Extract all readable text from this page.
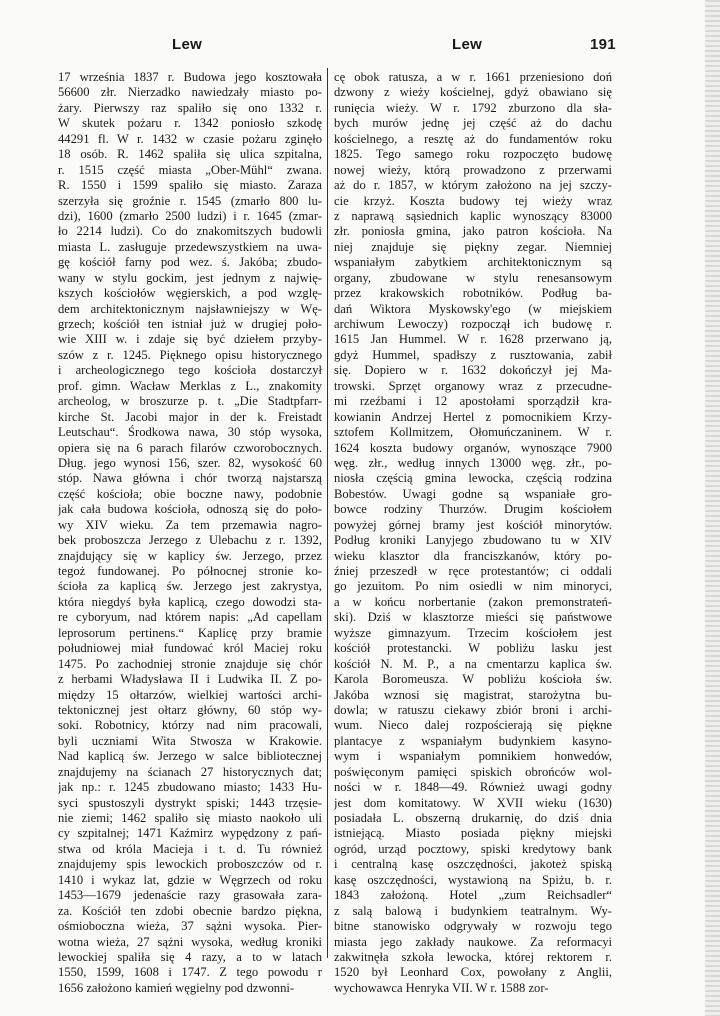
Lew	Lew	191
17 września 1837 r. Budowa jego kosztowała
56600 złr. Nierzadko nawiedzały miasto po-
żary. Pierwszy raz spaliło się ono 1332 r.
W skutek pożaru r. 1342 poniosło szkodę
44291 fl. W r. 1432 w czasie pożaru zginęło
18 osób. R. 1462 spaliła się ulica szpitalna,
r. 1515 część miasta „Ober-Mühl“ zwana.
R. 1550 i 1599 spaliło się miasto. Zaraza
szerzyła się groźnie r. 1545 (zmarło 800 lu-
dzi), 1600 (zmarło 2500 ludzi) i r. 1645 (zmar-
ło 2214 ludzi). Co do znakomitszych budowli
miasta L. zasługuje przedewszystkiem na uwa-
gę kościół farny pod wez. ś. Jakóba; zbudo-
wany w stylu gockim, jest jednym z najwię-
kszych kościołów węgierskich, a pod wzglę-
dem architektonicznym najsławniejszy w Wę-
grzech; kościół ten istniał już w drugiej poło-
wie XIII w. i zdaje się być dziełem przyby-
szów z r. 1245. Pięknego opisu historycznego
i archeologicznego tego kościoła dostarczył
prof. gimn. Wacław Merklas z L., znakomity
archeolog, w broszurze p. t. „Die Stadtpfarr-
kirche St. Jacobi major in der k. Freistadt
Leutschau“. Środkowa nawa, 30 stóp wysoka,
opiera się na 6 parach filarów czworobocznych.
Dług. jego wynosi 156, szer. 82, wysokość 60
stóp. Nawa główna i chór tworzą najstarszą
część kościoła; obie boczne nawy, podobnie
jak cała budowa kościoła, odnoszą się do poło-
wy XIV wieku. Za tem przemawia nagro-
bek proboszcza Jerzego z Ulebachu z r. 1392,
znajdujący się w kaplicy św. Jerzego, przez
tegoż fundowanej. Po północnej stronie ko-
ścioła za kaplicą św. Jerzego jest zakrystya,
która niegdyś była kaplicą, czego dowodzi sta-
re cyboryum, nad którem napis: „Ad capellam
leprosorum pertinens.“ Kaplicę przy bramie
południowej miał fundować król Maciej roku
1475. Po zachodniej stronie znajduje się chór
z herbami Władysława II i Ludwika II. Z po-
między 15 ołtarzów, wielkiej wartości archi-
tektonicznej jest ołtarz główny, 60 stóp wy-
soki. Robotnicy, którzy nad nim pracowali,
byli uczniami Wita Stwosza w Krakowie.
Nad kaplicą św. Jerzego w salce bibliotecznej
znajdujemy na ścianach 27 historycznych dat;
jak np.: r. 1245 zbudowano miasto; 1433 Hu-
syci spustoszyli dystrykt spiski; 1443 trzęsie-
nie ziemi; 1462 spaliło się miasto naokoło uli
cy szpitalnej; 1471 Kaźmirz wypędzony z pań-
stwa od króla Macieja i t. d. Tu również
znajdujemy spis lewockich proboszczów od r.
1410 i wykaz lat, gdzie w Węgrzech od roku
1453—1679 jedenaście razy grasowała zara-
za. Kościół ten zdobi obecnie bardzo piękna,
ośmioboczna wieża, 37 sążni wysoka. Pier-
wotna wieża, 27 sążni wysoka, według kroniki
lewockiej spaliła się 4 razy, a to w latach
1550, 1599, 1608 i 1747. Z tego powodu r
1656 założono kamień węgielny pod dzwonni-
cę obok ratusza, a w r. 1661 przeniesiono doń
dzwony z wieży kościelnej, gdyż obawiano się
runięcia wieży. W r. 1792 zburzono dla sła-
bych murów jednę jej część aż do dachu
kościelnego, a resztę aż do fundamentów roku
1825. Tego samego roku rozpoczęto budowę
nowej wieży, którą prowadzono z przerwami
aż do r. 1857, w którym założono na jej szczy-
cie krzyż. Koszta budowy tej wieży wraz
z naprawą sąsiednich kaplic wynoszący 83000
złr. poniosła gmina, jako patron kościoła. Na
niej znajduje się piękny zegar. Niemniej
wspaniałym zabytkiem architektonicznym są
organy, zbudowane w stylu renesansowym
przez krakowskich robotników. Podług ba-
dań Wiktora Myskowsky'ego (w miejskiem
archiwum Lewoczy) rozpoczął ich budowę r.
1615 Jan Hummel. W r. 1628 przerwano ją,
gdyż Hummel, spadłszy z rusztowania, zabił
się. Dopiero w r. 1632 dokończył jej Ma-
trowski. Sprzęt organowy wraz z przecudne-
mi rzeźbami i 12 apostołami sporządził kra-
kowianin Andrzej Hertel z pomocnikiem Krzy-
sztofem Kollmitzem, Ołomuńczaninem. W r.
1624 koszta budowy organów, wynoszące 7900
węg. złr., według innych 13000 węg. złr., po-
niosła częścią gmina lewocka, częścią rodzina
Bobestów. Uwagi godne są wspaniałe gro-
bowce rodziny Thurzów. Drugim kościołem
powyżej górnej bramy jest kościół minorytów.
Podług kroniki Lanyjego zbudowano tu w XIV
wieku klasztor dla franciszkanów, który po-
źniej przeszedł w ręce protestantów; ci oddali
go jezuitom. Po nim osiedli w nim minoryci,
a w końcu norbertanie (zakon premonstrateń-
ski). Dziś w klasztorze mieści się państwowe
wyższe gimnazyum. Trzecim kościołem jest
kościół protestancki. W pobliżu lasku jest
kościół N. M. P., a na cmentarzu kaplica św.
Karola Boromeusza. W pobliżu kościoła św.
Jakóba wznosi się magistrat, starożytna bu-
dowla; w ratuszu ciekawy zbiór broni i archi-
wum. Nieco dalej rozpościerają się piękne
plantacye z wspaniałym budynkiem kasyno-
wym i wspaniałym pomnikiem honwedów,
poświęconym pamięci spiskich obrońców wol-
ności w r. 1848—49. Również uwagi godny
jest dom komitatowy. W XVII wieku (1630)
posiadała L. obszerną drukarnię, do dziś dnia
istniejącą. Miasto posiada piękny miejski
ogród, urząd pocztowy, spiski kredytowy bank
i centralną kasę oszczędności, jakoteż spiską
kasę oszczędności, wystawioną na Spiżu, b. r.
1843 założoną. Hotel „zum Reichsadler“
z salą balową i budynkiem teatralnym. Wy-
bitne stanowisko odgrywały w rozwoju tego
miasta jego zakłady naukowe. Za reformacyi
zakwitnęła szkoła lewocka, której rektorem r.
1520 był Leonhard Cox, powołany z Anglii,
wychowawca Henryka VII. W r. 1588 zor-
